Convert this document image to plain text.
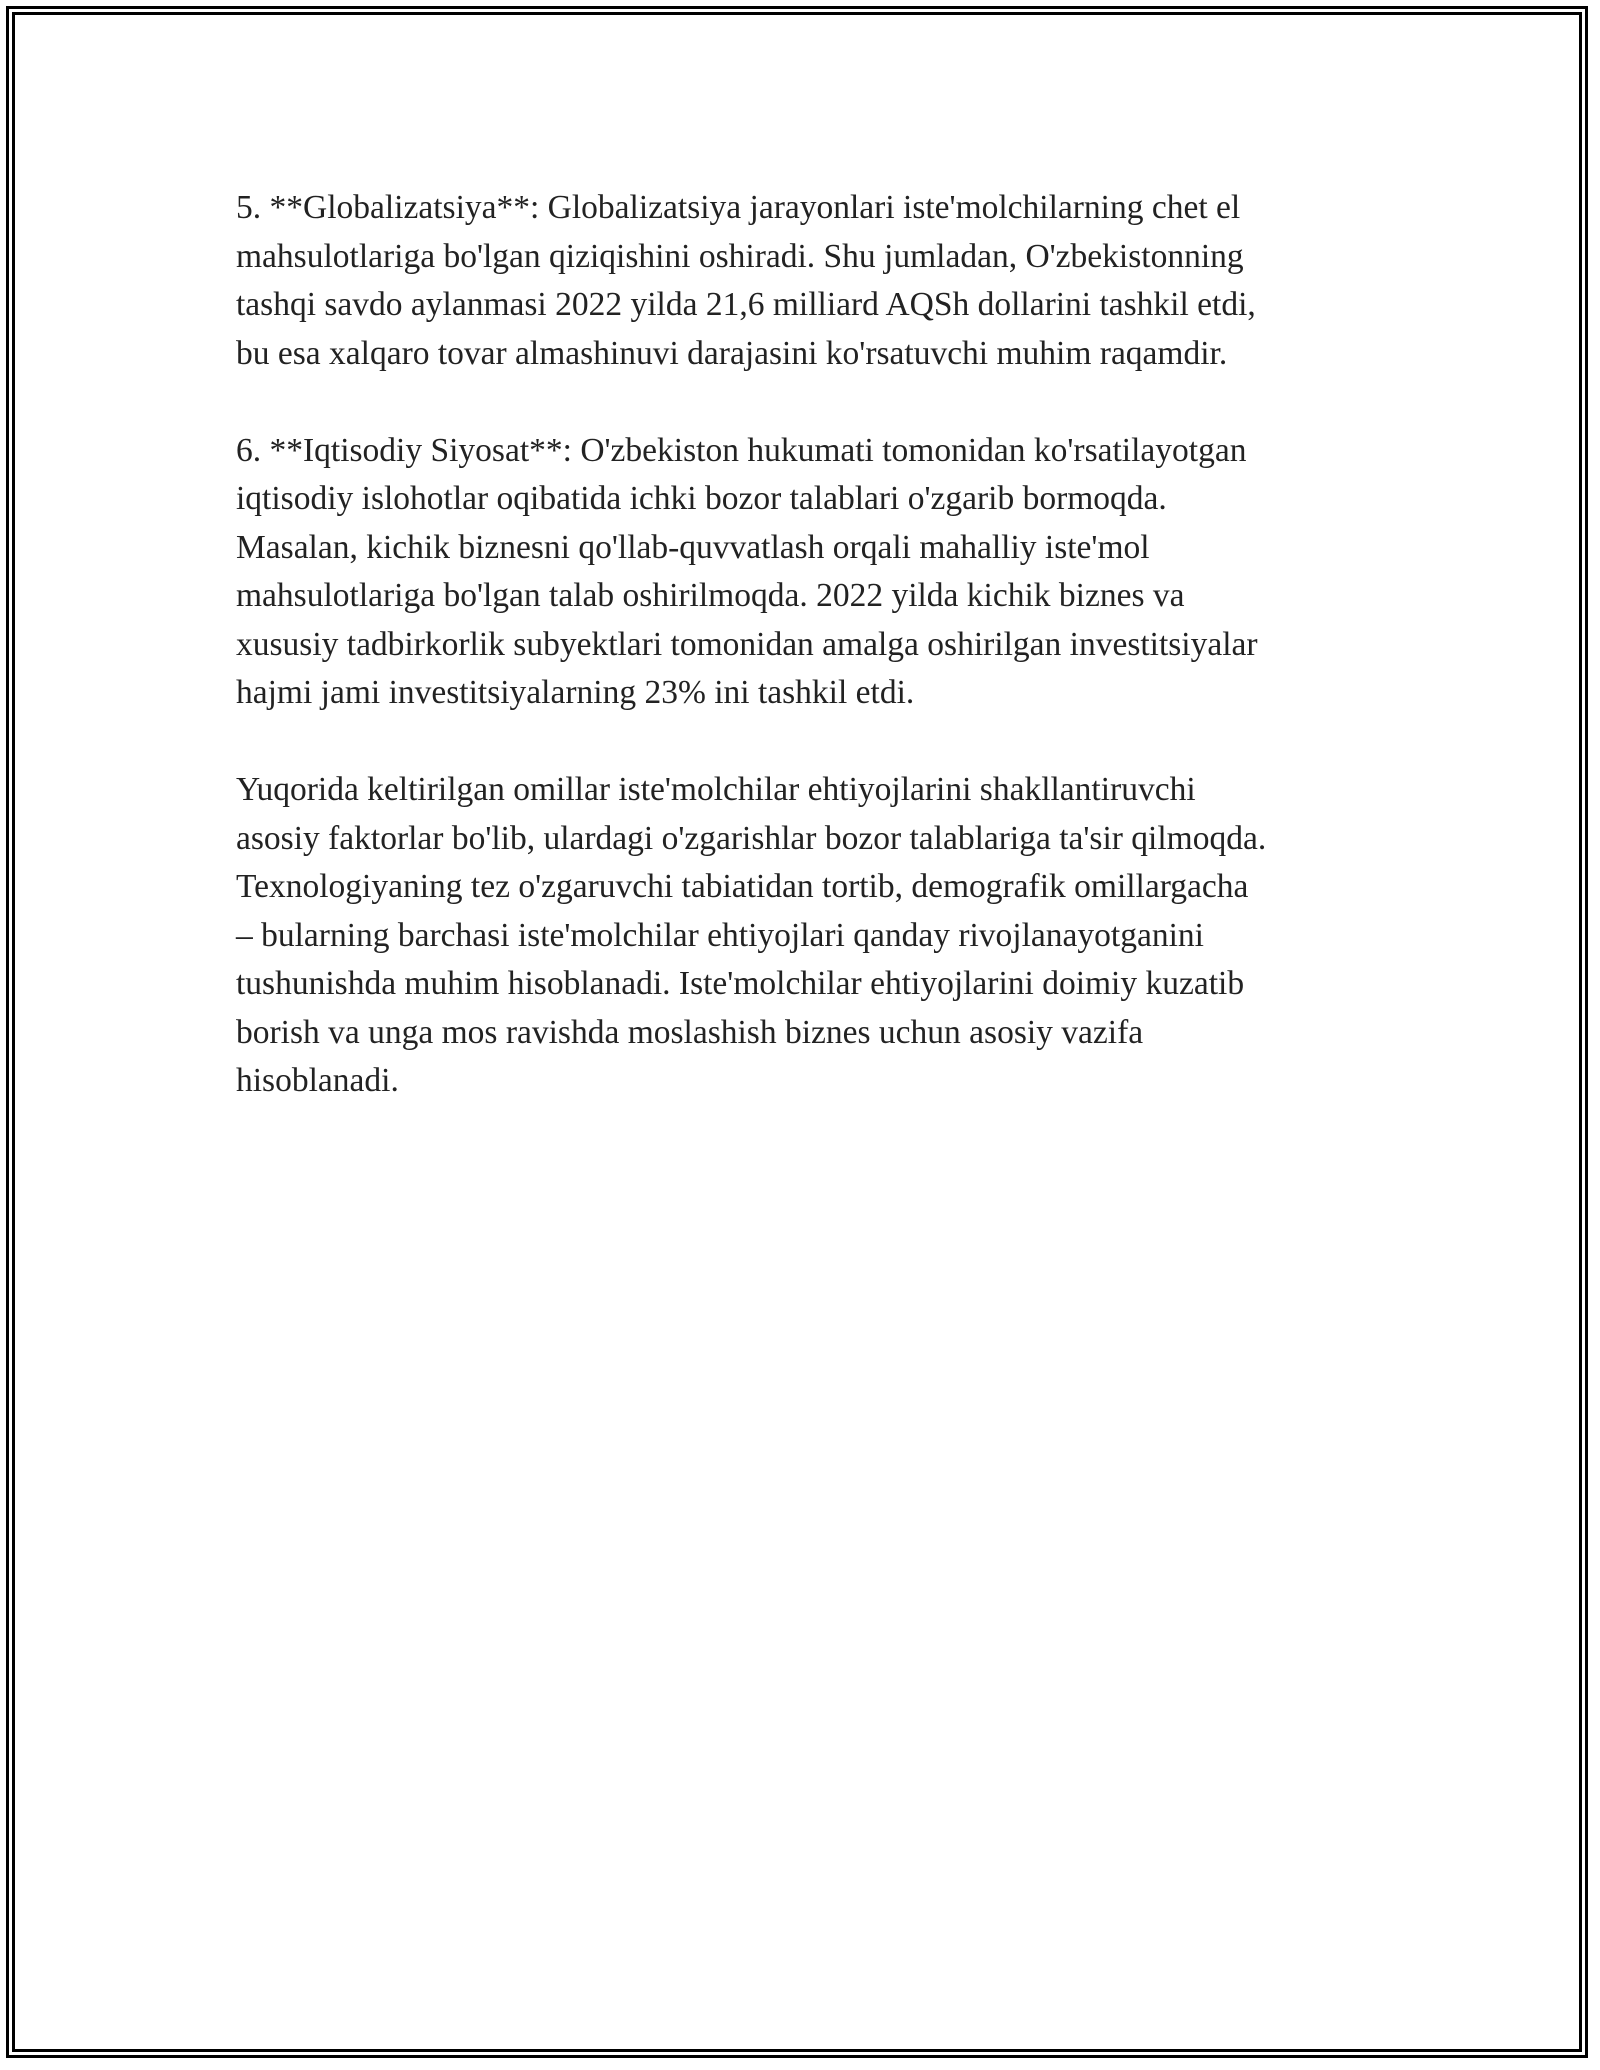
5. **Globalizatsiya**: Globalizatsiya jarayonlari iste'molchilarning chet el
mahsulotlariga bo'lgan qiziqishini oshiradi. Shu jumladan, O'zbekistonning
tashqi savdo aylanmasi 2022 yilda 21,6 milliard AQSh dollarini tashkil etdi,
bu esa xalqaro tovar almashinuvi darajasini ko'rsatuvchi muhim raqamdir.

6. **Iqtisodiy Siyosat**: O'zbekiston hukumati tomonidan ko'rsatilayotgan
iqtisodiy islohotlar oqibatida ichki bozor talablari o'zgarib bormoqda.
Masalan, kichik biznesni qo'llab-quvvatlash orqali mahalliy iste'mol
mahsulotlariga bo'lgan talab oshirilmoqda. 2022 yilda kichik biznes va
xususiy tadbirkorlik subyektlari tomonidan amalga oshirilgan investitsiyalar
hajmi jami investitsiyalarning 23% ini tashkil etdi.

Yuqorida keltirilgan omillar iste'molchilar ehtiyojlarini shakllantiruvchi
asosiy faktorlar bo'lib, ulardagi o'zgarishlar bozor talablariga ta'sir qilmoqda.
Texnologiyaning tez o'zgaruvchi tabiatidan tortib, demografik omillargacha
– bularning barchasi iste'molchilar ehtiyojlari qanday rivojlanayotganini
tushunishda muhim hisoblanadi. Iste'molchilar ehtiyojlarini doimiy kuzatib
borish va unga mos ravishda moslashish biznes uchun asosiy vazifa
hisoblanadi.
